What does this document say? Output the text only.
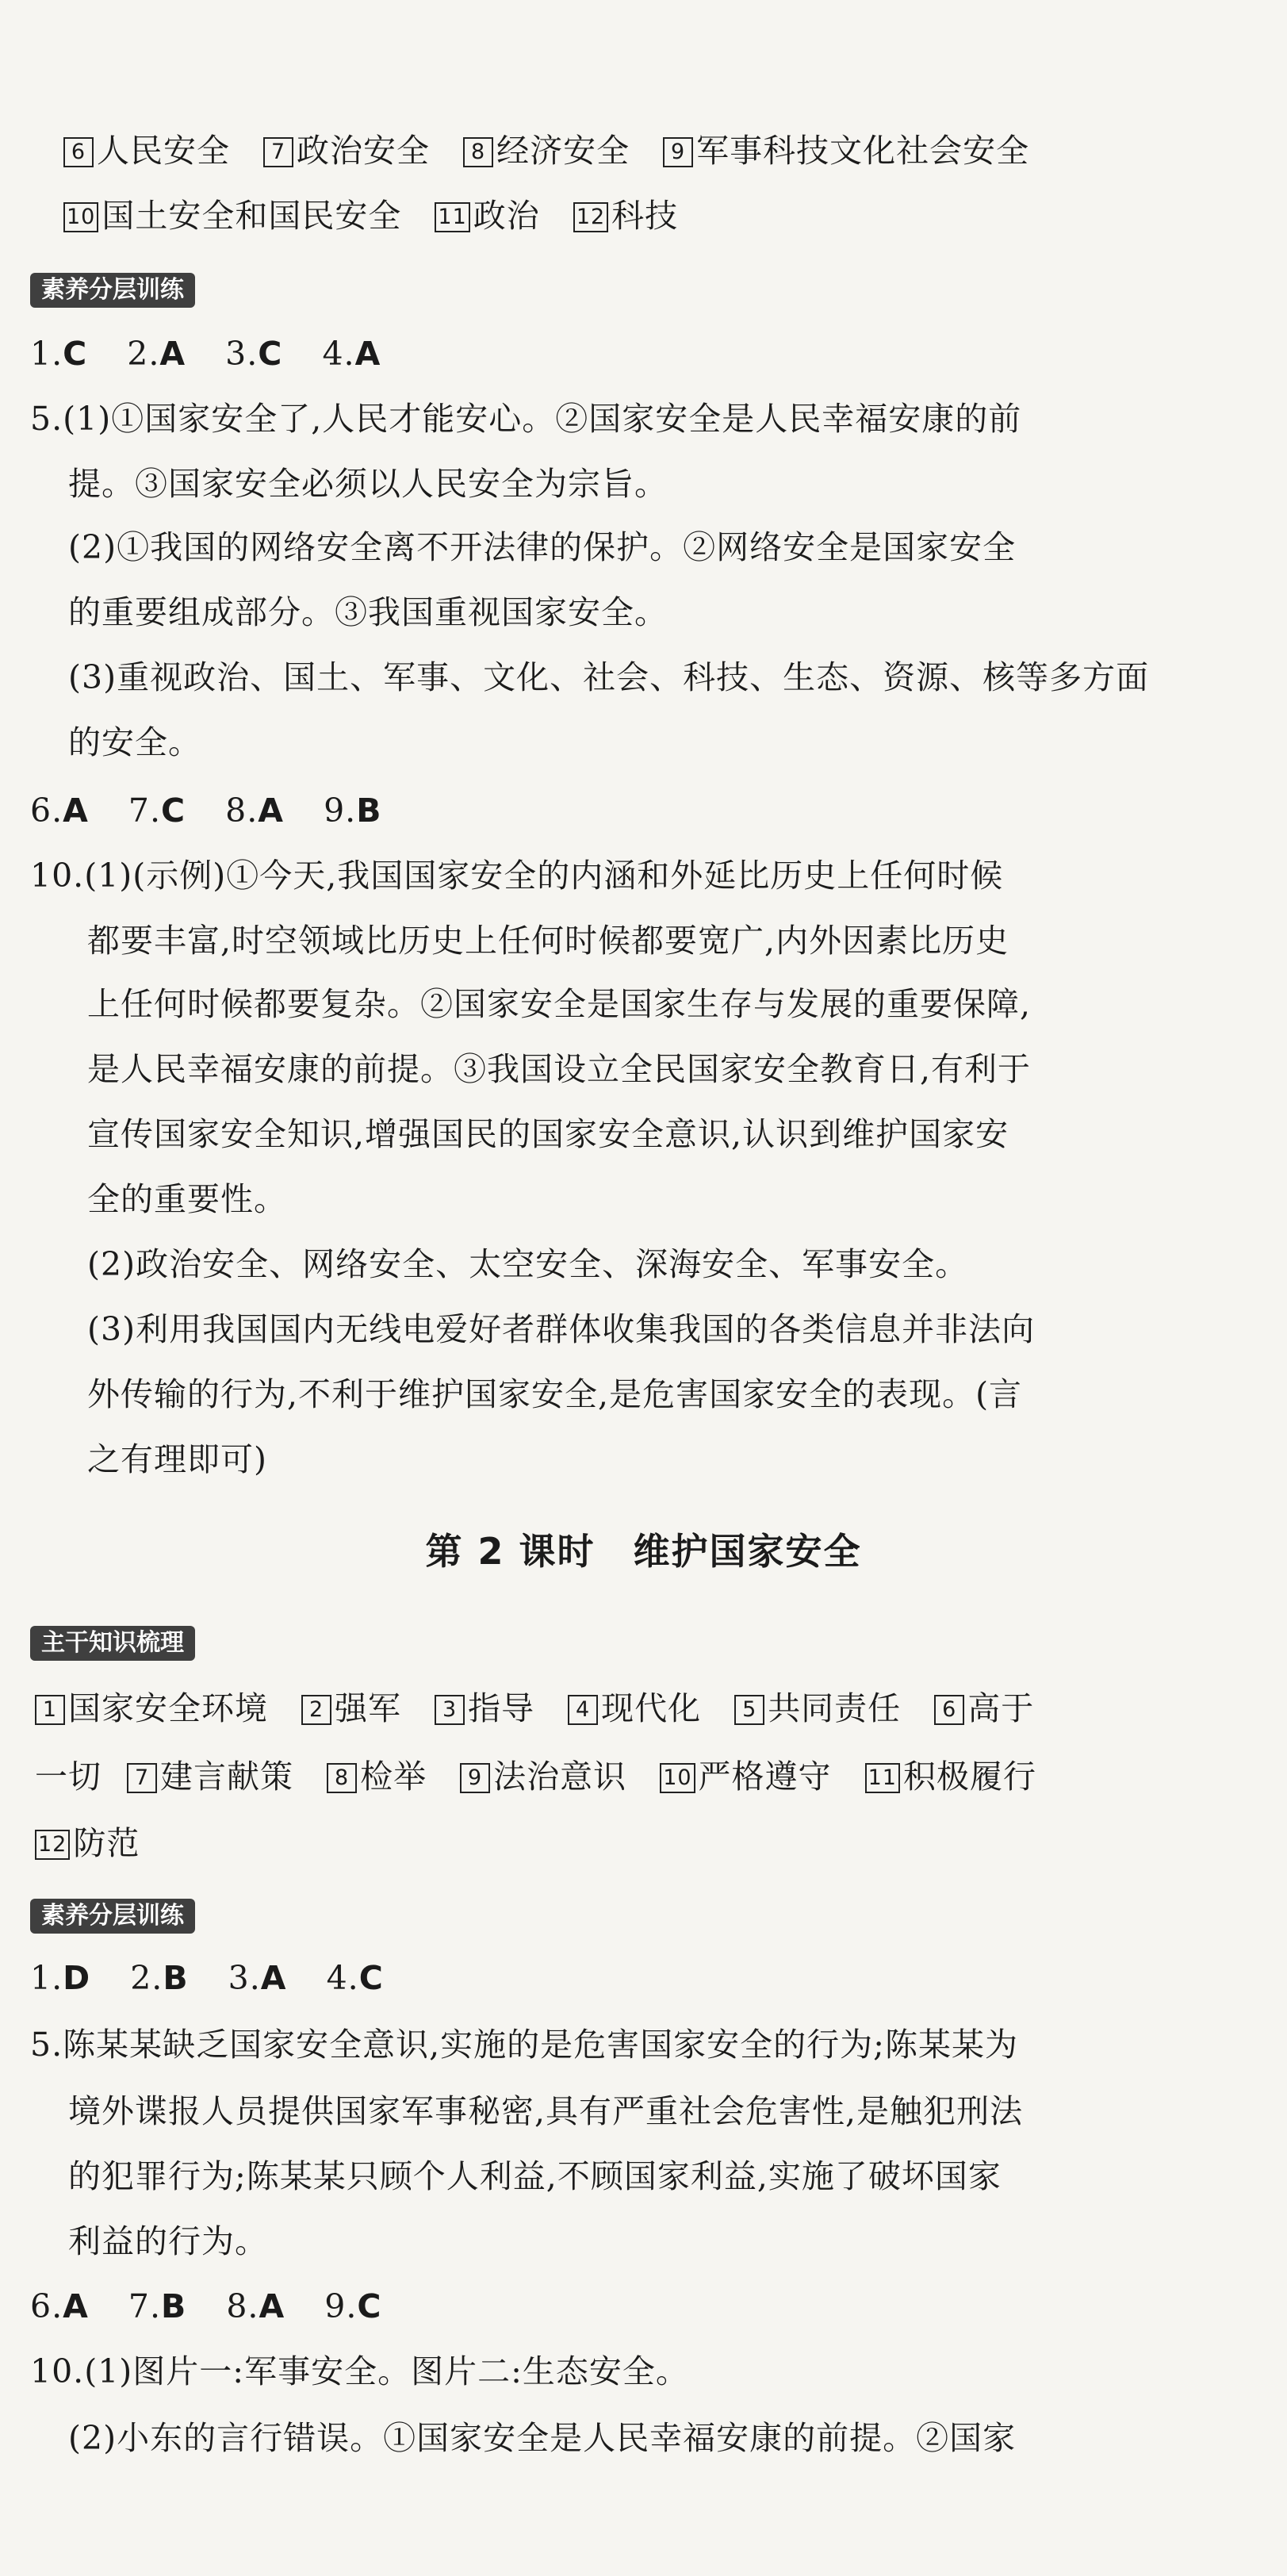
6 人民安全 7 政治安全 8 经济安全 9 军事科技文化社会安全
10 国土安全和国民安全 11 政治 12 科技
素养分层训练
1.C 2.A 3.C 4.A
5.(1)①国家安全了,人民才能安心。②国家安全是人民幸福安康的前
提。③国家安全必须以人民安全为宗旨。
(2)①我国的网络安全离不开法律的保护。②网络安全是国家安全
的重要组成部分。③我国重视国家安全。
(3)重视政治、国土、军事、文化、社会、科技、生态、资源、核等多方面
的安全。
6.A 7.C 8.A 9.B
10.(1)(示例)①今天,我国国家安全的内涵和外延比历史上任何时候
都要丰富,时空领域比历史上任何时候都要宽广,内外因素比历史
上任何时候都要复杂。②国家安全是国家生存与发展的重要保障,
是人民幸福安康的前提。③我国设立全民国家安全教育日,有利于
宣传国家安全知识,增强国民的国家安全意识,认识到维护国家安
全的重要性。
(2)政治安全、网络安全、太空安全、深海安全、军事安全。
(3)利用我国国内无线电爱好者群体收集我国的各类信息并非法向
外传输的行为,不利于维护国家安全,是危害国家安全的表现。(言
之有理即可)
第 2 课时　维护国家安全
主干知识梳理
1 国家安全环境 2 强军 3 指导 4 现代化 5 共同责任 6 高于
一切 7 建言献策 8 检举 9 法治意识 10 严格遵守 11 积极履行
12 防范
素养分层训练
1.D 2.B 3.A 4.C
5.陈某某缺乏国家安全意识,实施的是危害国家安全的行为;陈某某为
境外谍报人员提供国家军事秘密,具有严重社会危害性,是触犯刑法
的犯罪行为;陈某某只顾个人利益,不顾国家利益,实施了破坏国家
利益的行为。
6.A 7.B 8.A 9.C
10.(1)图片一:军事安全。图片二:生态安全。
(2)小东的言行错误。①国家安全是人民幸福安康的前提。②国家
